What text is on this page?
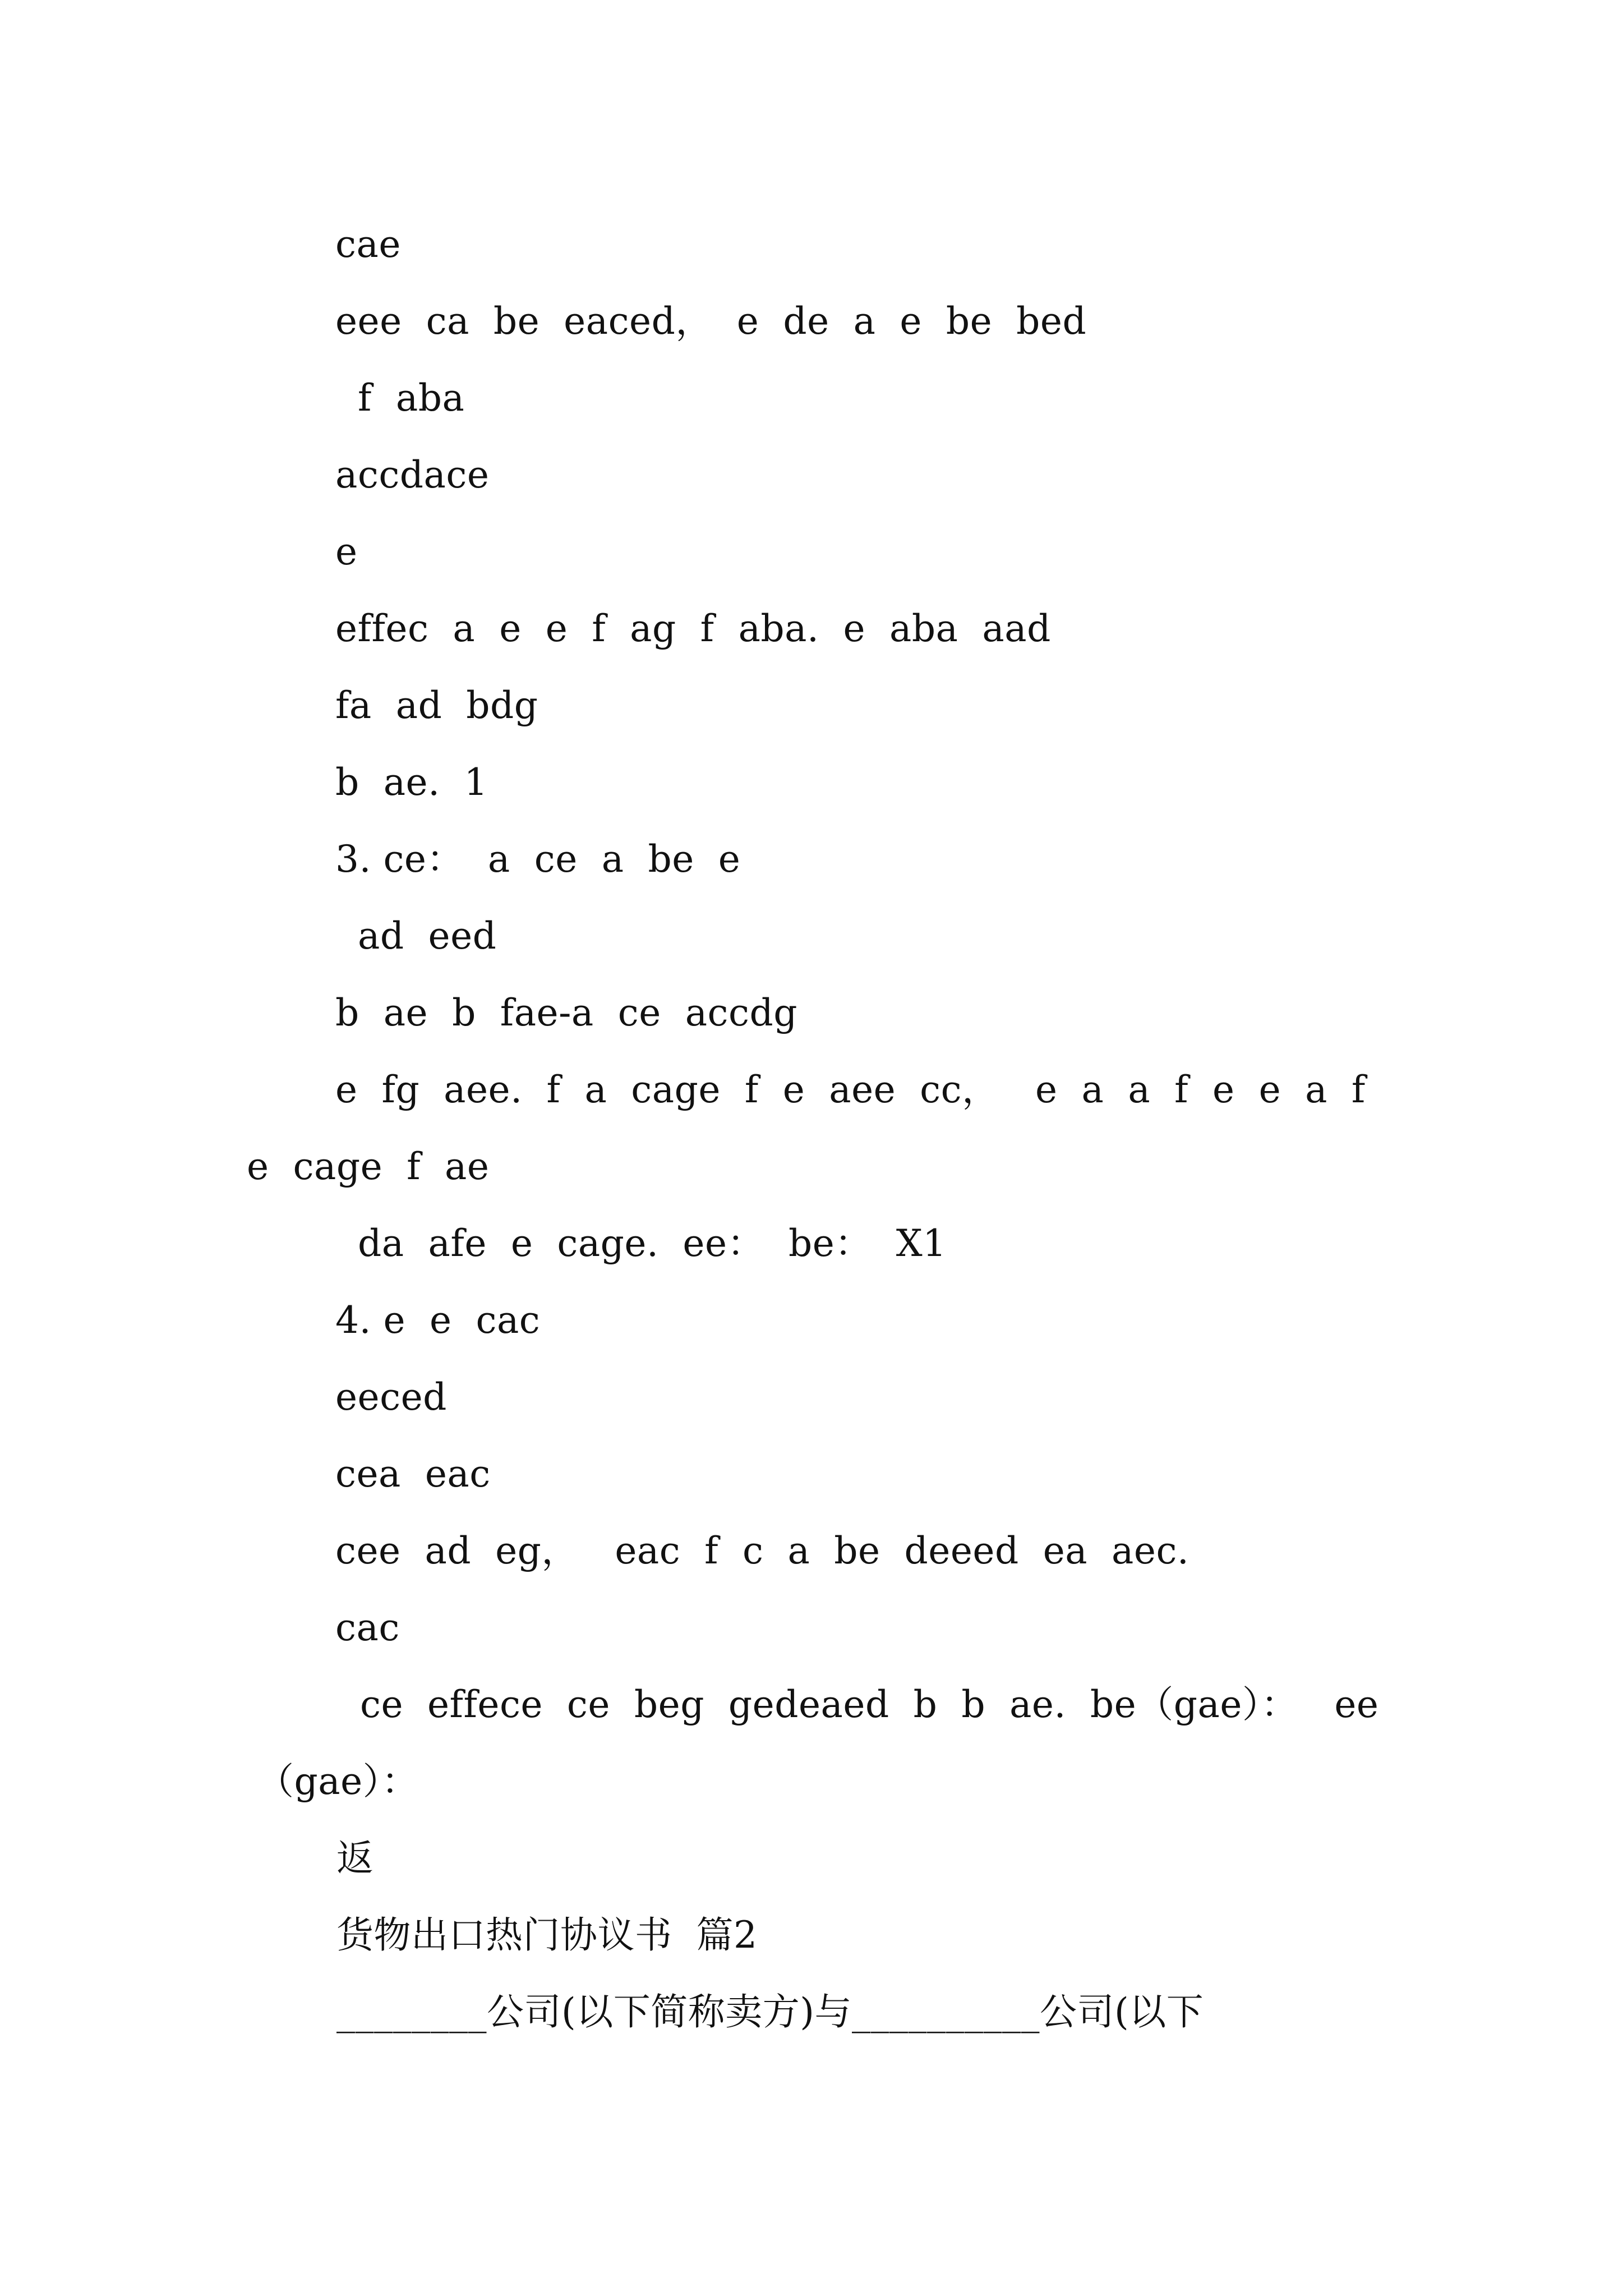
cae
eee  ca  be  eaced，  e  de  a  e  be  bed
f  aba
accdace
e
effec  a  e  e  f  ag  f  aba.  e  aba  aad
fa  ad  bdg
b  ae.  1
3. ce：  a  ce  a  be  e
ad  eed
b  ae  b  fae-a  ce  accdg
e  fg  aee.  f  a  cage  f  e  aee  cc，   e  a  a  f  e  e  a  f
e  cage  f  ae
da  afe  e  cage.  ee：  be：  X1
4. e  e  cac
eeced
cea  eac
cee  ad  eg，   eac  f  c  a  be  deeed  ea  aec.
cac
ce  effece  ce  beg  gedeaed  b  b  ae.  be（gae）：   ee
（gae）：
返
货物出口热门协议书  篇2
________公司(以下简称卖方)与__________公司(以下
